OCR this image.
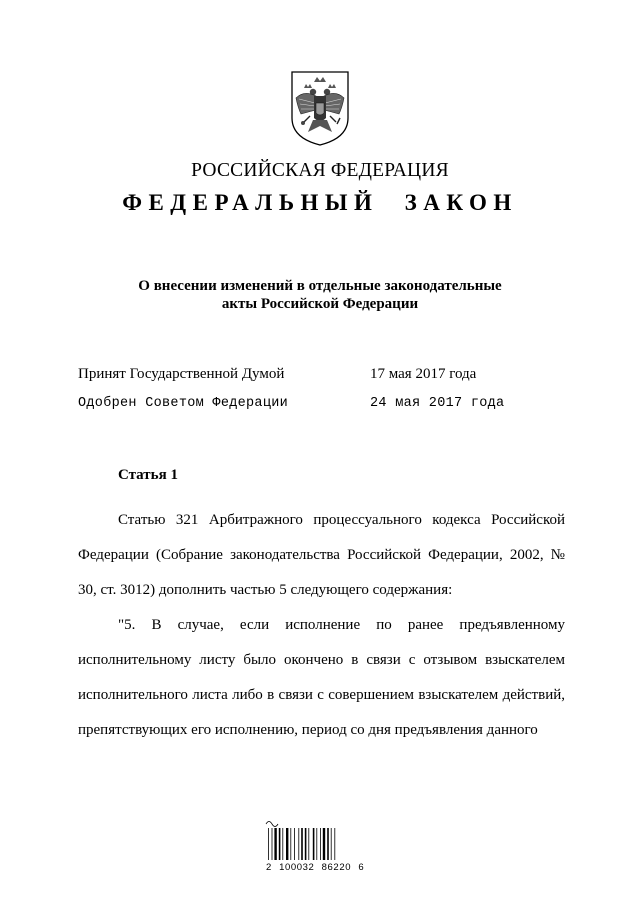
РОССИЙСКАЯ ФЕДЕРАЦИЯ
ФЕДЕРАЛЬНЫЙ ЗАКОН
О внесении изменений в отдельные законодательные
акты Российской Федерации
Принят Государственной Думой	17 мая 2017 года
Одобрен Советом Федерации	24 мая 2017 года
Статья 1

Статью 321 Арбитражного процессуального кодекса Российской Федерации (Собрание законодательства Российской Федерации, 2002, № 30, ст. 3012) дополнить частью 5 следующего содержания:

"5. В случае, если исполнение по ранее предъявленному исполнительному листу было окончено в связи с отзывом взыскателем исполнительного листа либо в связи с совершением взыскателем действий, препятствующих его исполнению, период со дня предъявления данного

2 100032 86220 6
